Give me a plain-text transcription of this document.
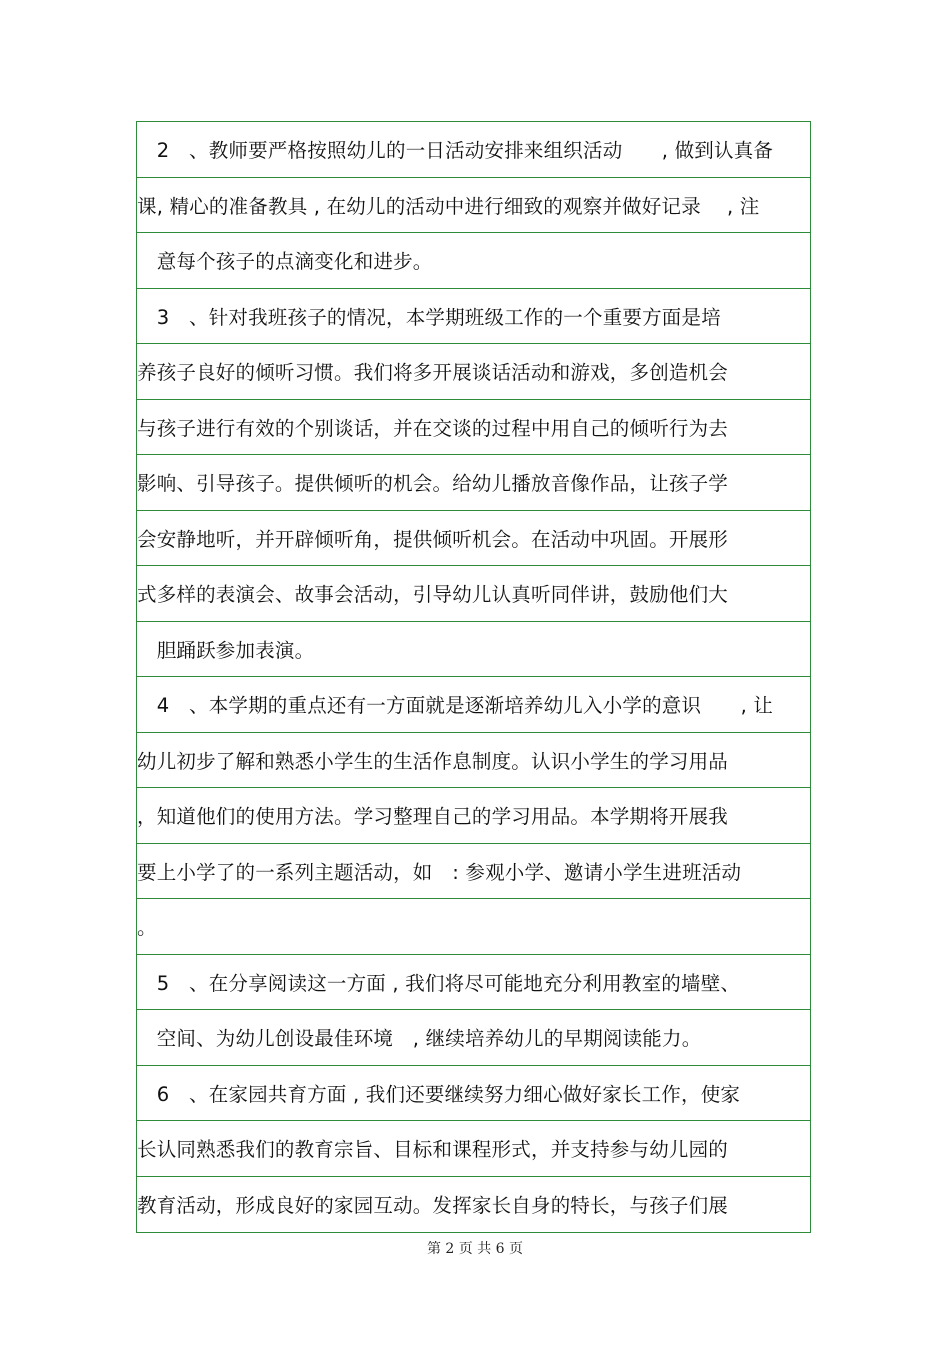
　2　、教师要严格按照幼儿的一日活动安排来组织活动　　, 做到认真备
课, 精心的准备教具 , 在幼儿的活动中进行细致的观察并做好记录　 , 注
　意每个孩子的点滴变化和进步。
　3　、针对我班孩子的情况，本学期班级工作的一个重要方面是培
养孩子良好的倾听习惯。我们将多开展谈话活动和游戏，多创造机会
与孩子进行有效的个别谈话，并在交谈的过程中用自己的倾听行为去
影响、引导孩子。提供倾听的机会。给幼儿播放音像作品，让孩子学
会安静地听，并开辟倾听角，提供倾听机会。在活动中巩固。开展形
式多样的表演会、故事会活动，引导幼儿认真听同伴讲，鼓励他们大
　胆踊跃参加表演。
　4　、本学期的重点还有一方面就是逐渐培养幼儿入小学的意识　　, 让
幼儿初步了解和熟悉小学生的生活作息制度。认识小学生的学习用品
，知道他们的使用方法。学习整理自己的学习用品。本学期将开展我
要上小学了的一系列主题活动，如　: 参观小学、邀请小学生进班活动
。
　5　、在分享阅读这一方面 , 我们将尽可能地充分利用教室的墙壁、
　空间、为幼儿创设最佳环境　, 继续培养幼儿的早期阅读能力。
　6　、在家园共育方面 , 我们还要继续努力细心做好家长工作，使家
长认同熟悉我们的教育宗旨、目标和课程形式，并支持参与幼儿园的
教育活动，形成良好的家园互动。发挥家长自身的特长，与孩子们展
第 2 页 共 6 页
